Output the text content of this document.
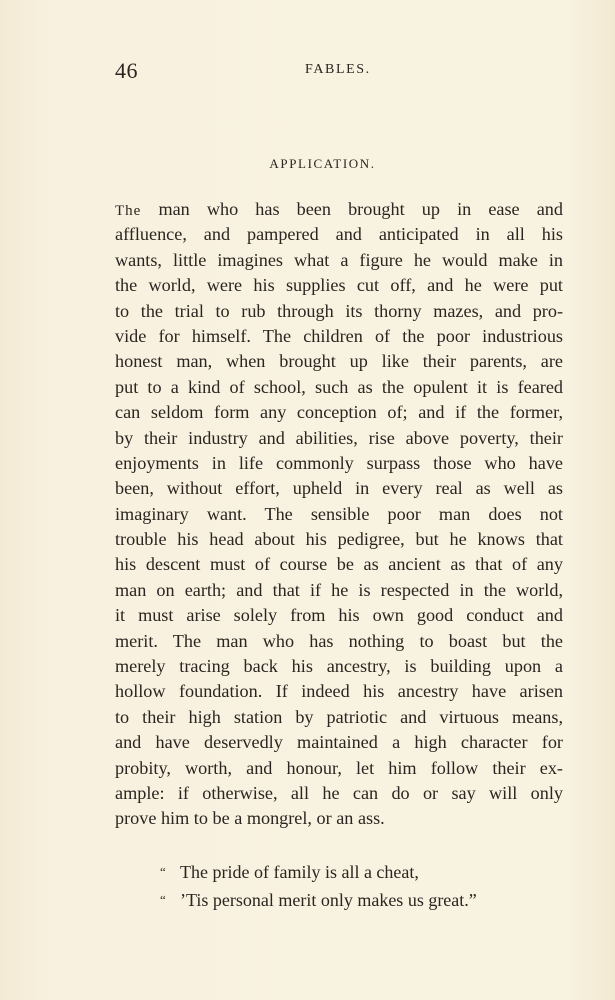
46	FABLES.
APPLICATION.
The man who has been brought up in ease and
affluence, and pampered and anticipated in all his
wants, little imagines what a figure he would make in
the world, were his supplies cut off, and he were put
to the trial to rub through its thorny mazes, and pro-
vide for himself. The children of the poor industrious
honest man, when brought up like their parents, are
put to a kind of school, such as the opulent it is feared
can seldom form any conception of; and if the former,
by their industry and abilities, rise above poverty, their
enjoyments in life commonly surpass those who have
been, without effort, upheld in every real as well as
imaginary want. The sensible poor man does not
trouble his head about his pedigree, but he knows that
his descent must of course be as ancient as that of any
man on earth; and that if he is respected in the world,
it must arise solely from his own good conduct and
merit. The man who has nothing to boast but the
merely tracing back his ancestry, is building upon a
hollow foundation. If indeed his ancestry have arisen
to their high station by patriotic and virtuous means,
and have deservedly maintained a high character for
probity, worth, and honour, let him follow their ex-
ample: if otherwise, all he can do or say will only
prove him to be a mongrel, or an ass.
“ The pride of family is all a cheat,
“ ’Tis personal merit only makes us great.”
